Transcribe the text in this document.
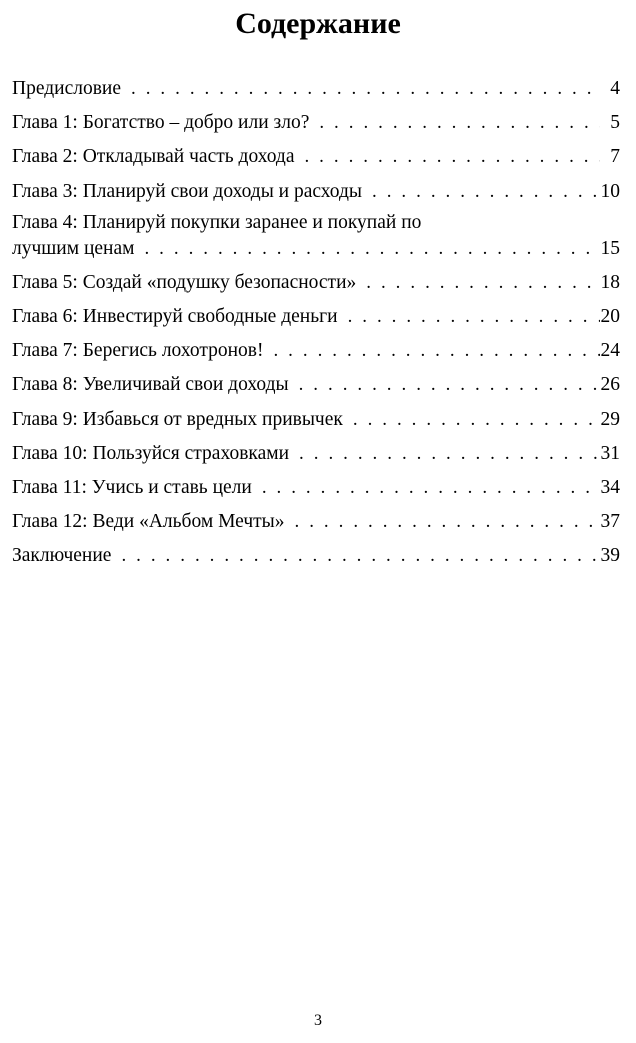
Содержание
Предисловие . . .	4
Глава 1: Богатство – добро или зло? . . .	5
Глава 2: Откладывай часть дохода . . .	7
Глава 3: Планируй свои доходы и расходы . . .	10
Глава 4: Планируй покупки заранее и покупай по
лучшим ценам . . .	15
Глава 5: Создай «подушку безопасности» . . .	18
Глава 6: Инвестируй свободные деньги . . .	20
Глава 7: Берегись лохотронов! . . .	24
Глава 8: Увеличивай свои доходы . . .	26
Глава 9: Избавься от вредных привычек . . .	29
Глава 10: Пользуйся страховками . . .	31
Глава 11: Учись и ставь цели . . .	34
Глава 12: Веди «Альбом Мечты» . . .	37
Заключение . . .	39
3
